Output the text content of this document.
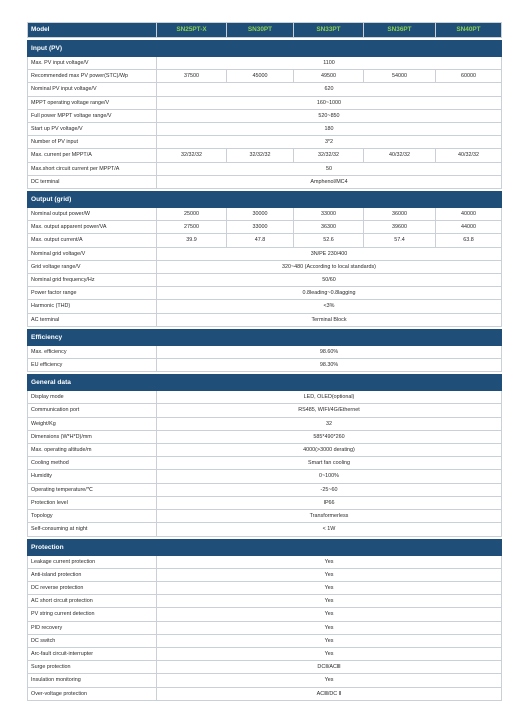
Model	SN25PT-X	SN30PT	SN33PT	SN36PT	SN40PT

Input (PV)					
Max. PV input voltage/V	1100				
Recommended max PV power(STC)/Wp	37500	45000	49500	54000	60000
Nominal PV input voltage/V	620				
MPPT operating voltage range/V	160~1000				
Full power MPPT voltage range/V	520~850				
Start up PV voltage/V	180				
Number of PV input	3*2				
Max. current per MPPT/A	32/32/32	32/32/32	32/32/32	40/32/32	40/32/32
Max.short circuit current per MPPT/A	50				
DC terminal	Amphenol/MC4				

Output (grid)					
Nominal output power/W	25000	30000	33000	36000	40000
Max. output apparent power/VA	27500	33000	36300	39600	44000
Max. output current/A	39.9	47.8	52.6	57.4	63.8
Nominal grid voltage/V	3N/PE 230/400				
Grid voltage range/V	320~480 (According to local standards)				
Nominal grid frequency/Hz	50/60				
Power factor range	0.8leading~0.8lagging				
Harmonic (THD)	<3%				
AC terminal	Terminal Block				

Efficiency					
Max. efficiency	98.60%				
EU efficiency	98.30%				

General data					
Display mode	LED, OLED(optional)				
Communication port	RS485, WIFI/4G/Ethernet				
Weight/Kg	32				
Dimensions (W*H*D)/mm	585*490*260				
Max. operating altitude/m	4000(>3000 derating)				
Cooling method	Smart fan cooling				
Humidity	0~100%				
Operating temperature/℃	-25~60				
Protection level	IP66				
Topology	Transformerless				
Self-consuming at night	< 1W				

Protection					
Leakage current protection	Yes				
Anti-island protection	Yes				
DC reverse protection	Yes				
AC short circuit protection	Yes				
PV string current detection	Yes				
PID recovery	Yes				
DC switch	Yes				
Arc-fault circuit-interrupter	Yes				
Surge protection	DCⅡ/ACⅢ				
Insulation monitoring	Yes				
Over-voltage protection	ACⅢ/DC Ⅱ				
